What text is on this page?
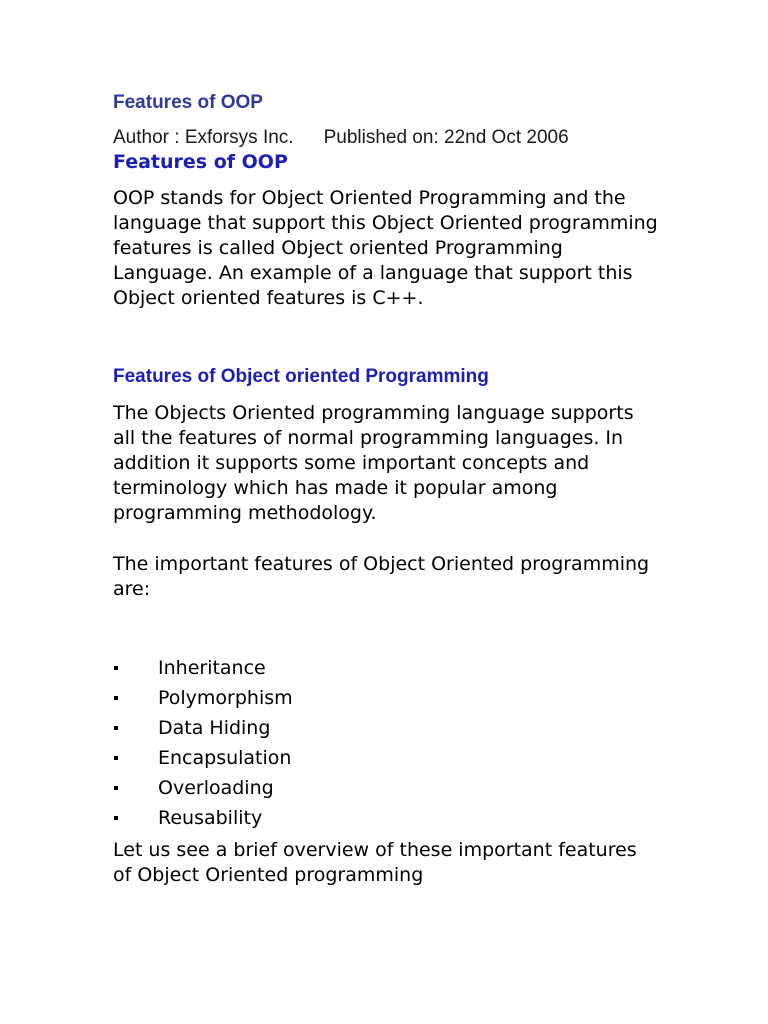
Features of OOP
Author : Exforsys Inc. Published on: 22nd Oct 2006
Features of OOP

OOP stands for Object Oriented Programming and the language that support this Object Oriented programming features is called Object oriented Programming Language. An example of a language that support this Object oriented features is C++.

Features of Object oriented Programming

The Objects Oriented programming language supports all the features of normal programming languages. In addition it supports some important concepts and terminology which has made it popular among programming methodology.

The important features of Object Oriented programming are:

Inheritance
Polymorphism
Data Hiding
Encapsulation
Overloading
Reusability

Let us see a brief overview of these important features of Object Oriented programming
